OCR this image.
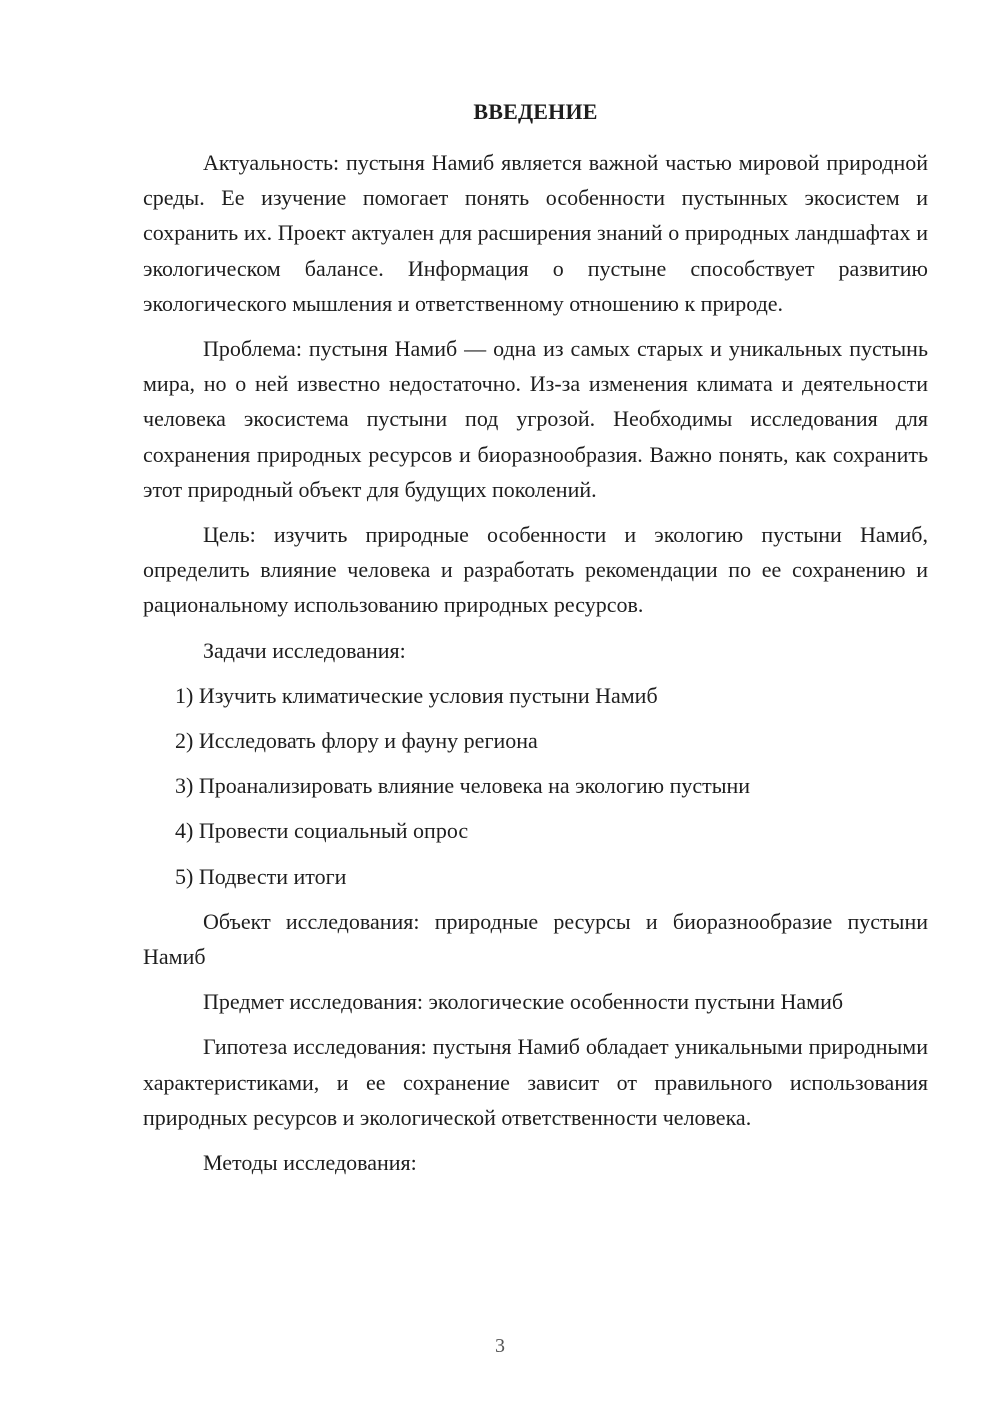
ВВЕДЕНИЕ

Актуальность: пустыня Намиб является важной частью мировой природной среды. Ее изучение помогает понять особенности пустынных экосистем и сохранить их. Проект актуален для расширения знаний о природных ландшафтах и экологическом балансе. Информация о пустыне способствует развитию экологического мышления и ответственному отношению к природе.

Проблема: пустыня Намиб — одна из самых старых и уникальных пустынь мира, но о ней известно недостаточно. Из-за изменения климата и деятельности человека экосистема пустыни под угрозой. Необходимы исследования для сохранения природных ресурсов и биоразнообразия. Важно понять, как сохранить этот природный объект для будущих поколений.

Цель: изучить природные особенности и экологию пустыни Намиб, определить влияние человека и разработать рекомендации по ее сохранению и рациональному использованию природных ресурсов.

Задачи исследования:

1) Изучить климатические условия пустыни Намиб
2) Исследовать флору и фауну региона
3) Проанализировать влияние человека на экологию пустыни
4) Провести социальный опрос
5) Подвести итоги

Объект исследования: природные ресурсы и биоразнообразие пустыни Намиб

Предмет исследования: экологические особенности пустыни Намиб

Гипотеза исследования: пустыня Намиб обладает уникальными природными характеристиками, и ее сохранение зависит от правильного использования природных ресурсов и экологической ответственности человека.

Методы исследования:

3
